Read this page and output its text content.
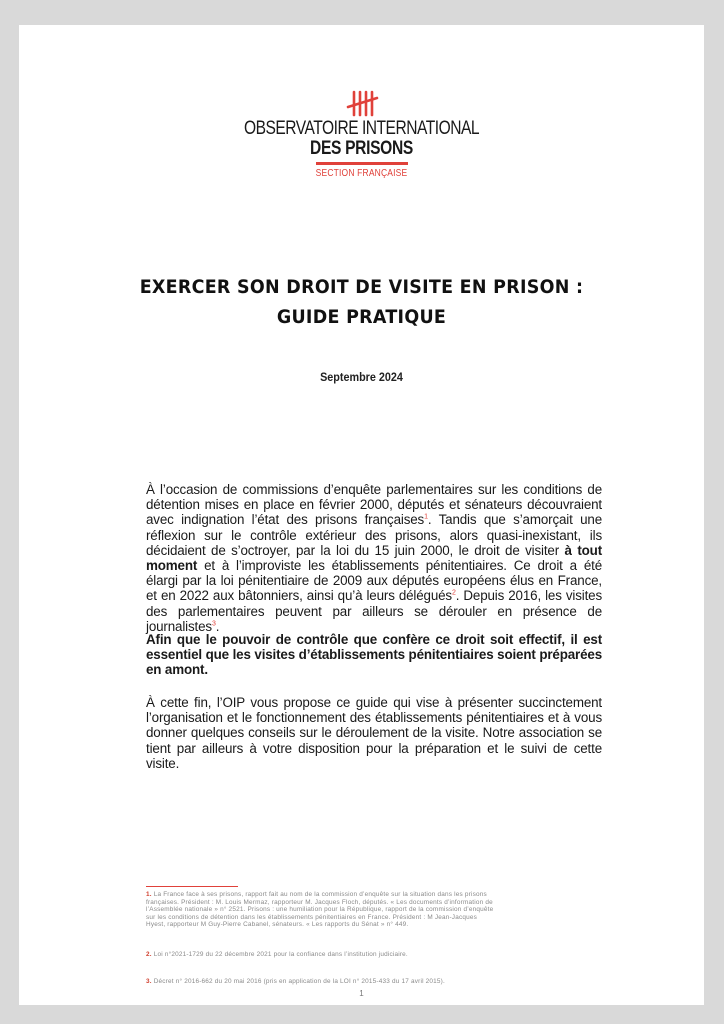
OBSERVATOIRE INTERNATIONAL
DES PRISONS
SECTION FRANÇAISE
EXERCER SON DROIT DE VISITE EN PRISON :
GUIDE PRATIQUE
Septembre 2024
À l’occasion de commissions d’enquête parlementaires sur les conditions de détention mises en place en février 2000, députés et sénateurs découvraient avec indignation l’état des prisons françaises$^1$. Tandis que s’amorçait une réflexion sur le contrôle extérieur des prisons, alors quasi-inexistant, ils décidaient de s’octroyer, par la loi du 15 juin 2000, le droit de visiter à tout moment et à l’improviste les établissements pénitentiaires. Ce droit a été élargi par la loi pénitentiaire de 2009 aux députés européens élus en France, et en 2022 aux bâtonniers, ainsi qu’à leurs délégués$^2$. Depuis 2016, les visites des parlementaires peuvent par ailleurs se dérouler en présence de journalistes$^3$.
Afin que le pouvoir de contrôle que confère ce droit soit effectif, il est essentiel que les visites d’établissements pénitentiaires soient préparées en amont.
À cette fin, l’OIP vous propose ce guide qui vise à présenter succinctement l’organisation et le fonctionnement des établissements pénitentiaires et à vous donner quelques conseils sur le déroulement de la visite. Notre association se tient par ailleurs à votre disposition pour la préparation et le suivi de cette visite.
1. La France face à ses prisons, rapport fait au nom de la commission d’enquête sur la situation dans les prisons françaises. Président : M. Louis Mermaz, rapporteur M. Jacques Floch, députés. « Les documents d’information de l’Assemblée nationale » n° 2521. Prisons : une humiliation pour la République, rapport de la commission d’enquête sur les conditions de détention dans les établissements pénitentiaires en France. Président : M Jean-Jacques Hyest, rapporteur M Guy-Pierre Cabanel, sénateurs. « Les rapports du Sénat » n° 449.
2. Loi n°2021-1729 du 22 décembre 2021 pour la confiance dans l’institution judiciaire.
3. Décret n° 2016-662 du 20 mai 2016 (pris en application de la LOI n° 2015-433 du 17 avril 2015).
1
